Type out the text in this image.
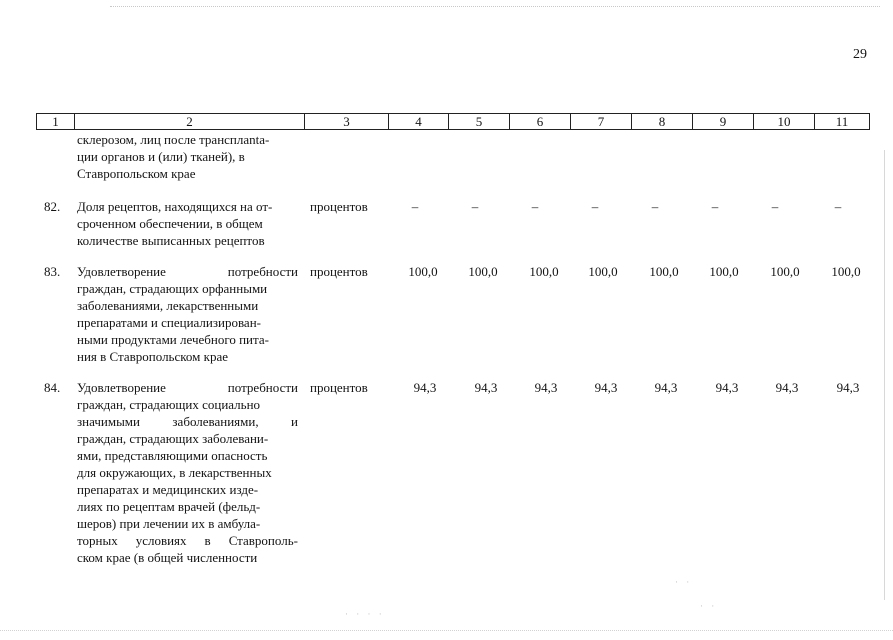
· · · ·
· ·
· ·
29
1	2	3	4	5	6	7	8	9	10	11
склерозом, лиц после трансплanta-
ции органов и (или) тканей), в
Ставропольском крае
82. Доля рецептов, находящихся на от-
сроченном обеспечении, в общем
количестве выписанных рецептов
процентов	–	–	–	–	–	–	–	–
83. Удовлетворение	потребности
граждан, страдающих орфанными
заболеваниями, лекарственными
препаратами и специализирован-
ными продуктами лечебного пита-
ния в Ставропольском крае
процентов	100,0	100,0	100,0	100,0	100,0	100,0	100,0	100,0
84. Удовлетворение	потребности
граждан, страдающих социально
значимыми заболеваниями, и
граждан, страдающих заболевани-
ями, представляющими опасность
для окружающих, в лекарственных
препаратах и медицинских изде-
лиях по рецептам врачей (фельд-
шеров) при лечении их в амбула-
торных условиях в Ставрополь-
ском крае (в общей численности
процентов	94,3	94,3	94,3	94,3	94,3	94,3	94,3	94,3
